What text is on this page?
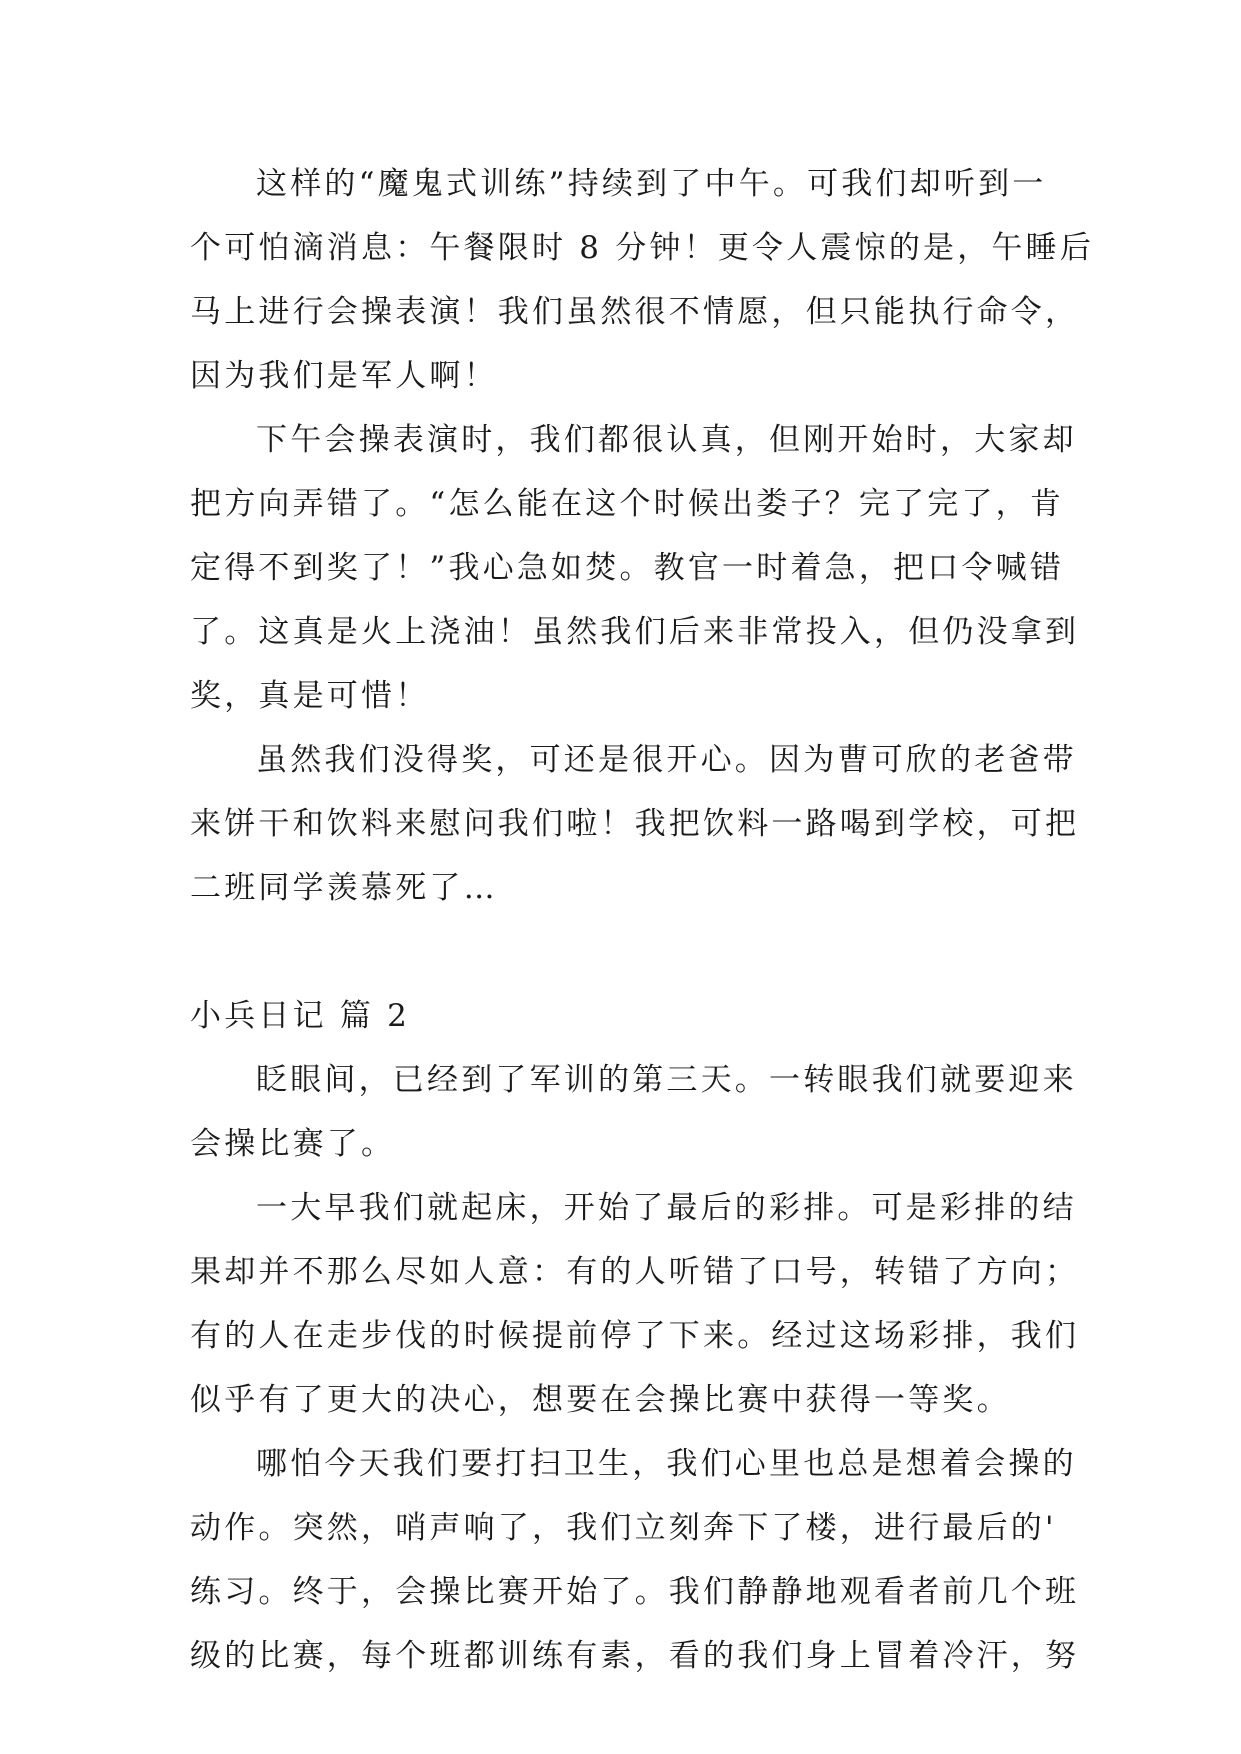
这样的“魔鬼式训练”持续到了中午。可我们却听到一
个可怕滴消息：午餐限时 8 分钟！更令人震惊的是，午睡后
马上进行会操表演！我们虽然很不情愿，但只能执行命令，
因为我们是军人啊！
下午会操表演时，我们都很认真，但刚开始时，大家却
把方向弄错了。“怎么能在这个时候出娄子？完了完了，肯
定得不到奖了！”我心急如焚。教官一时着急，把口令喊错
了。这真是火上浇油！虽然我们后来非常投入，但仍没拿到
奖，真是可惜！
虽然我们没得奖，可还是很开心。因为曹可欣的老爸带
来饼干和饮料来慰问我们啦！我把饮料一路喝到学校，可把
二班同学羡慕死了…
小兵日记 篇 2
眨眼间，已经到了军训的第三天。一转眼我们就要迎来
会操比赛了。
一大早我们就起床，开始了最后的彩排。可是彩排的结
果却并不那么尽如人意：有的人听错了口号，转错了方向；
有的人在走步伐的时候提前停了下来。经过这场彩排，我们
似乎有了更大的决心，想要在会操比赛中获得一等奖。
哪怕今天我们要打扫卫生，我们心里也总是想着会操的
动作。突然，哨声响了，我们立刻奔下了楼，进行最后的'
练习。终于，会操比赛开始了。我们静静地观看者前几个班
级的比赛，每个班都训练有素，看的我们身上冒着冷汗，努
